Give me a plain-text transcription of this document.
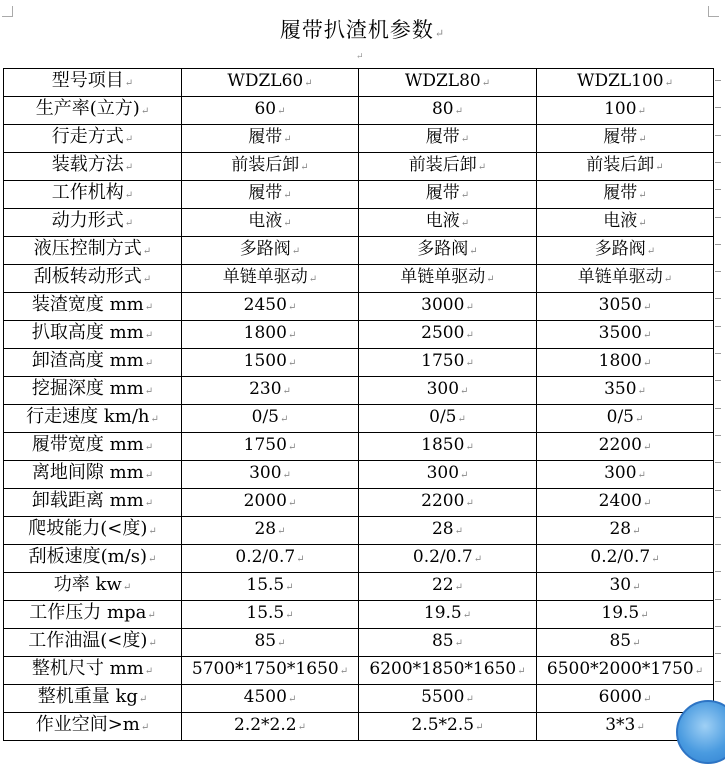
履带扒渣机参数↵
↵
型号项目↵	WDZL60↵	WDZL80↵	WDZL100↵
生产率(立方)↵	60↵	80↵	100↵
行走方式↵	履带↵	履带↵	履带↵
装载方法↵	前装后卸↵	前装后卸↵	前装后卸↵
工作机构↵	履带↵	履带↵	履带↵
动力形式↵	电液↵	电液↵	电液↵
液压控制方式↵	多路阀↵	多路阀↵	多路阀↵
刮板转动形式↵	单链单驱动↵	单链单驱动↵	单链单驱动↵
装渣宽度 mm↵	2450↵	3000↵	3050↵
扒取高度 mm↵	1800↵	2500↵	3500↵
卸渣高度 mm↵	1500↵	1750↵	1800↵
挖掘深度 mm↵	230↵	300↵	350↵
行走速度 km/h↵	0/5↵	0/5↵	0/5↵
履带宽度 mm↵	1750↵	1850↵	2200↵
离地间隙 mm↵	300↵	300↵	300↵
卸载距离 mm↵	2000↵	2200↵	2400↵
爬坡能力(<度)↵	28↵	28↵	28↵
刮板速度(m/s)↵	0.2/0.7↵	0.2/0.7↵	0.2/0.7↵
功率 kw↵	15.5↵	22↵	30↵
工作压力 mpa↵	15.5↵	19.5↵	19.5↵
工作油温(<度)↵	85↵	85↵	85↵
整机尺寸 mm↵	5700*1750*1650↵	6200*1850*1650↵	6500*2000*1750↵
整机重量 kg↵	4500↵	5500↵	6000↵
作业空间>m↵	2.2*2.2↵	2.5*2.5↵	3*3↵
